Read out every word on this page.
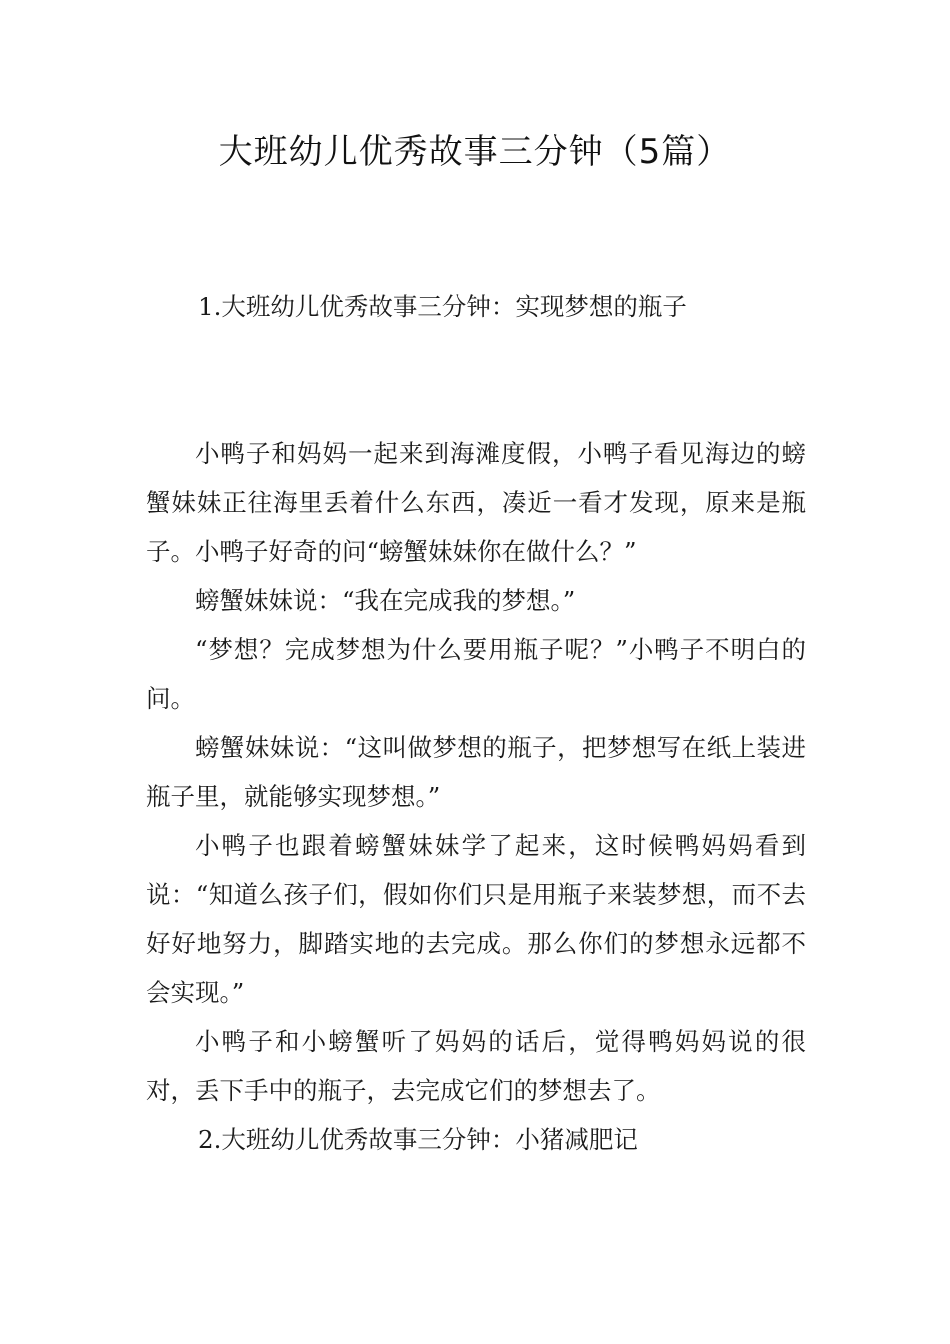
大班幼儿优秀故事三分钟（5篇）

1.大班幼儿优秀故事三分钟：实现梦想的瓶子

小鸭子和妈妈一起来到海滩度假，小鸭子看见海边的螃蟹妹妹正往海里丢着什么东西，凑近一看才发现，原来是瓶子。小鸭子好奇的问“螃蟹妹妹你在做什么？”

螃蟹妹妹说：“我在完成我的梦想。”

“梦想？完成梦想为什么要用瓶子呢？”小鸭子不明白的问。

螃蟹妹妹说：“这叫做梦想的瓶子，把梦想写在纸上装进瓶子里，就能够实现梦想。”

小鸭子也跟着螃蟹妹妹学了起来，这时候鸭妈妈看到说：“知道么孩子们，假如你们只是用瓶子来装梦想，而不去好好地努力，脚踏实地的去完成。那么你们的梦想永远都不会实现。”

小鸭子和小螃蟹听了妈妈的话后，觉得鸭妈妈说的很对，丢下手中的瓶子，去完成它们的梦想去了。

2.大班幼儿优秀故事三分钟：小猪减肥记
